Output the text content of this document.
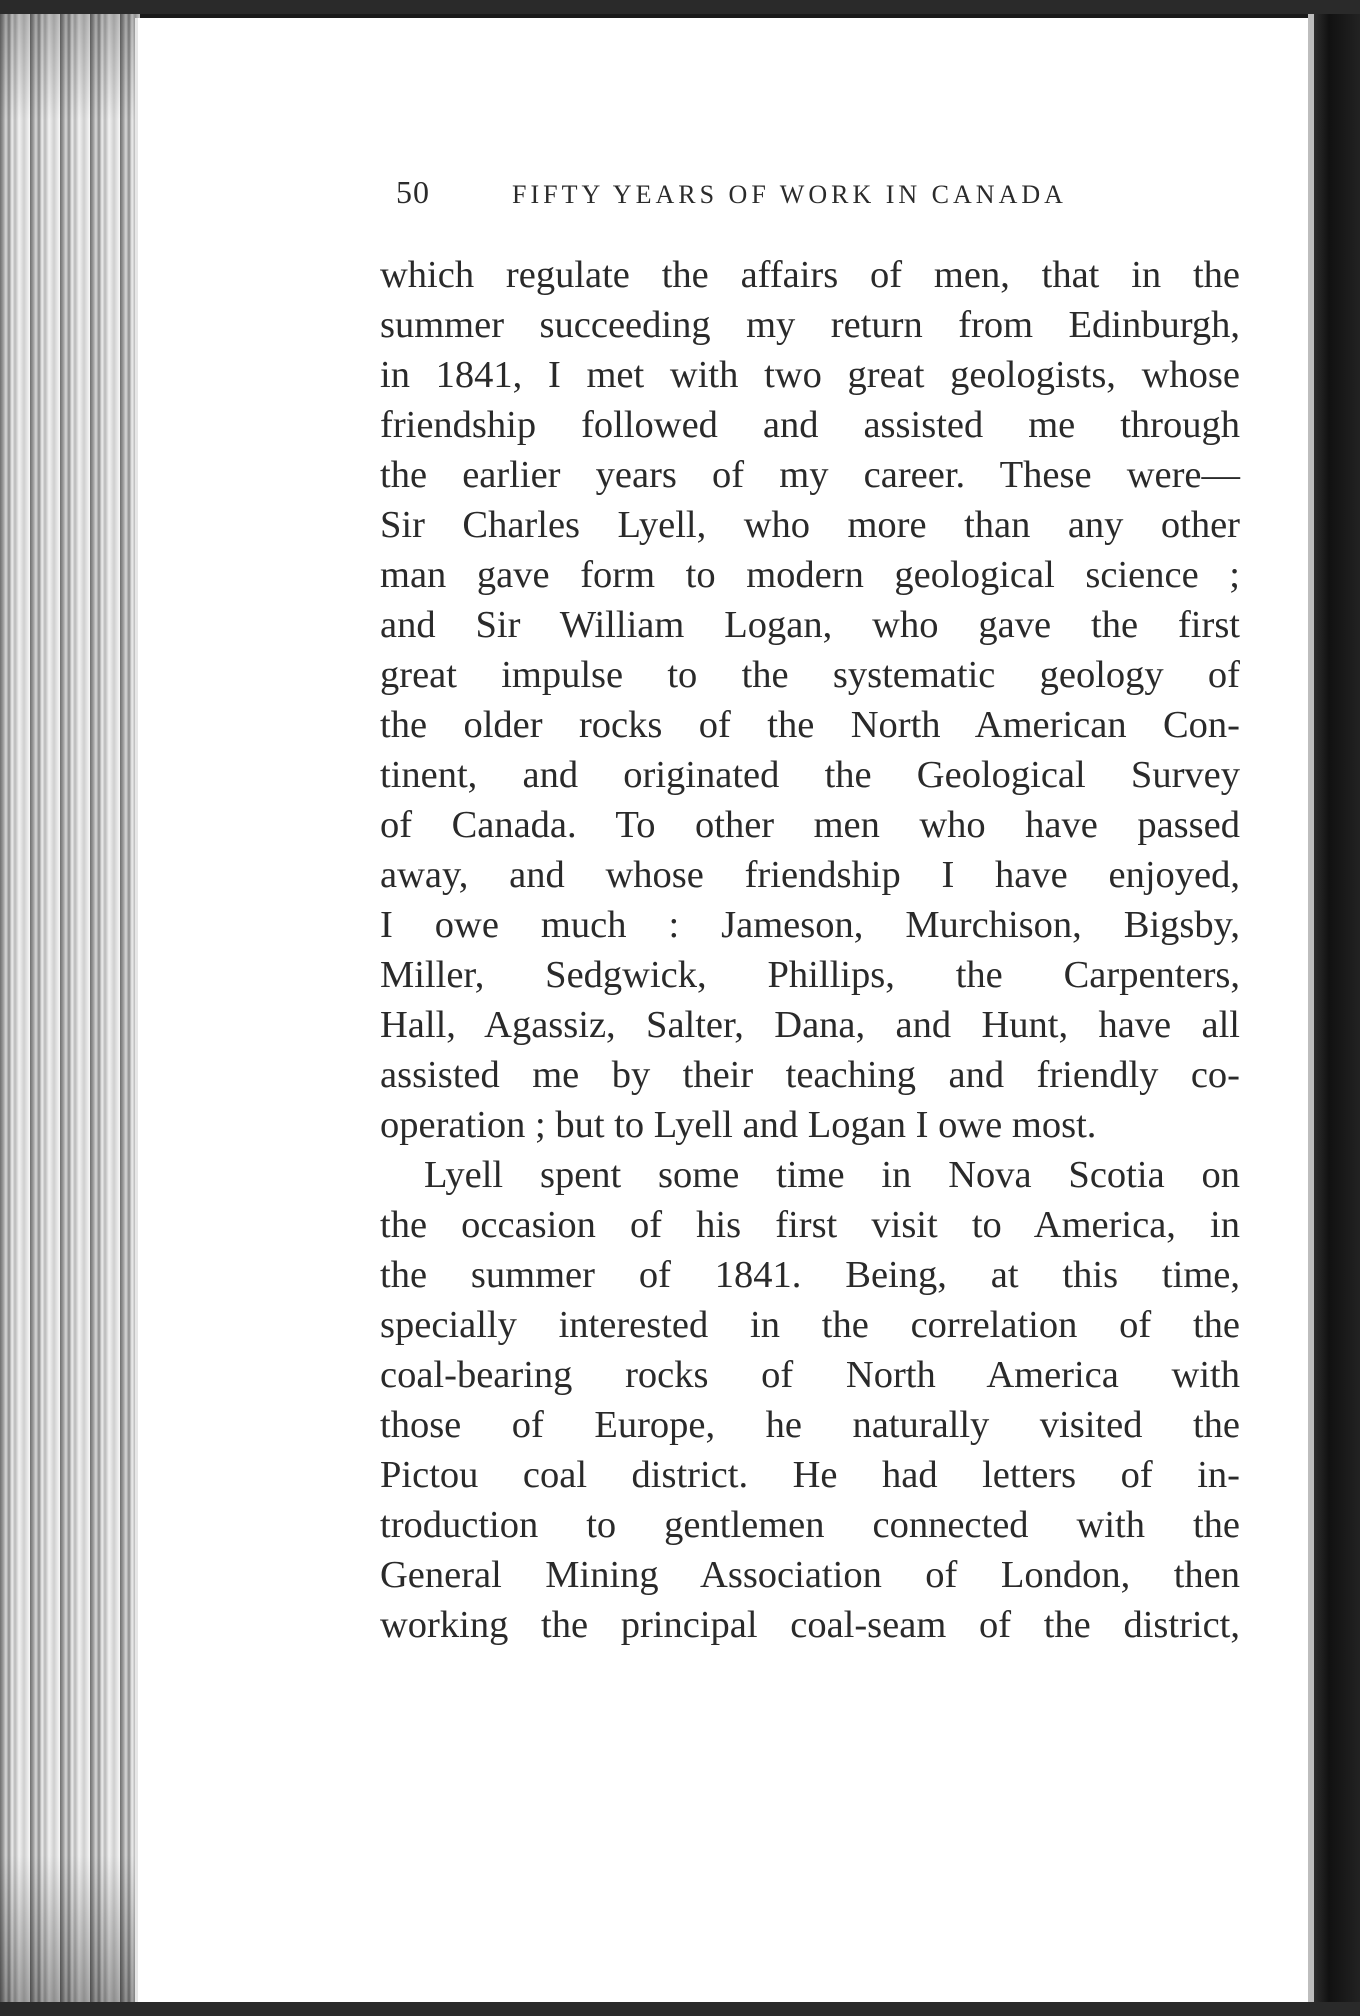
50	FIFTY YEARS OF WORK IN CANADA
which regulate the affairs of men, that in the
summer succeeding my return from Edinburgh,
in 1841, I met with two great geologists, whose
friendship followed and assisted me through
the earlier years of my career. These were—
Sir Charles Lyell, who more than any other
man gave form to modern geological science ;
and Sir William Logan, who gave the first
great impulse to the systematic geology of
the older rocks of the North American Con-
tinent, and originated the Geological Survey
of Canada. To other men who have passed
away, and whose friendship I have enjoyed,
I owe much : Jameson, Murchison, Bigsby,
Miller, Sedgwick, Phillips, the Carpenters,
Hall, Agassiz, Salter, Dana, and Hunt, have all
assisted me by their teaching and friendly co-
operation ; but to Lyell and Logan I owe most.
Lyell spent some time in Nova Scotia on
the occasion of his first visit to America, in
the summer of 1841. Being, at this time,
specially interested in the correlation of the
coal-bearing rocks of North America with
those of Europe, he naturally visited the
Pictou coal district. He had letters of in-
troduction to gentlemen connected with the
General Mining Association of London, then
working the principal coal-seam of the district,
